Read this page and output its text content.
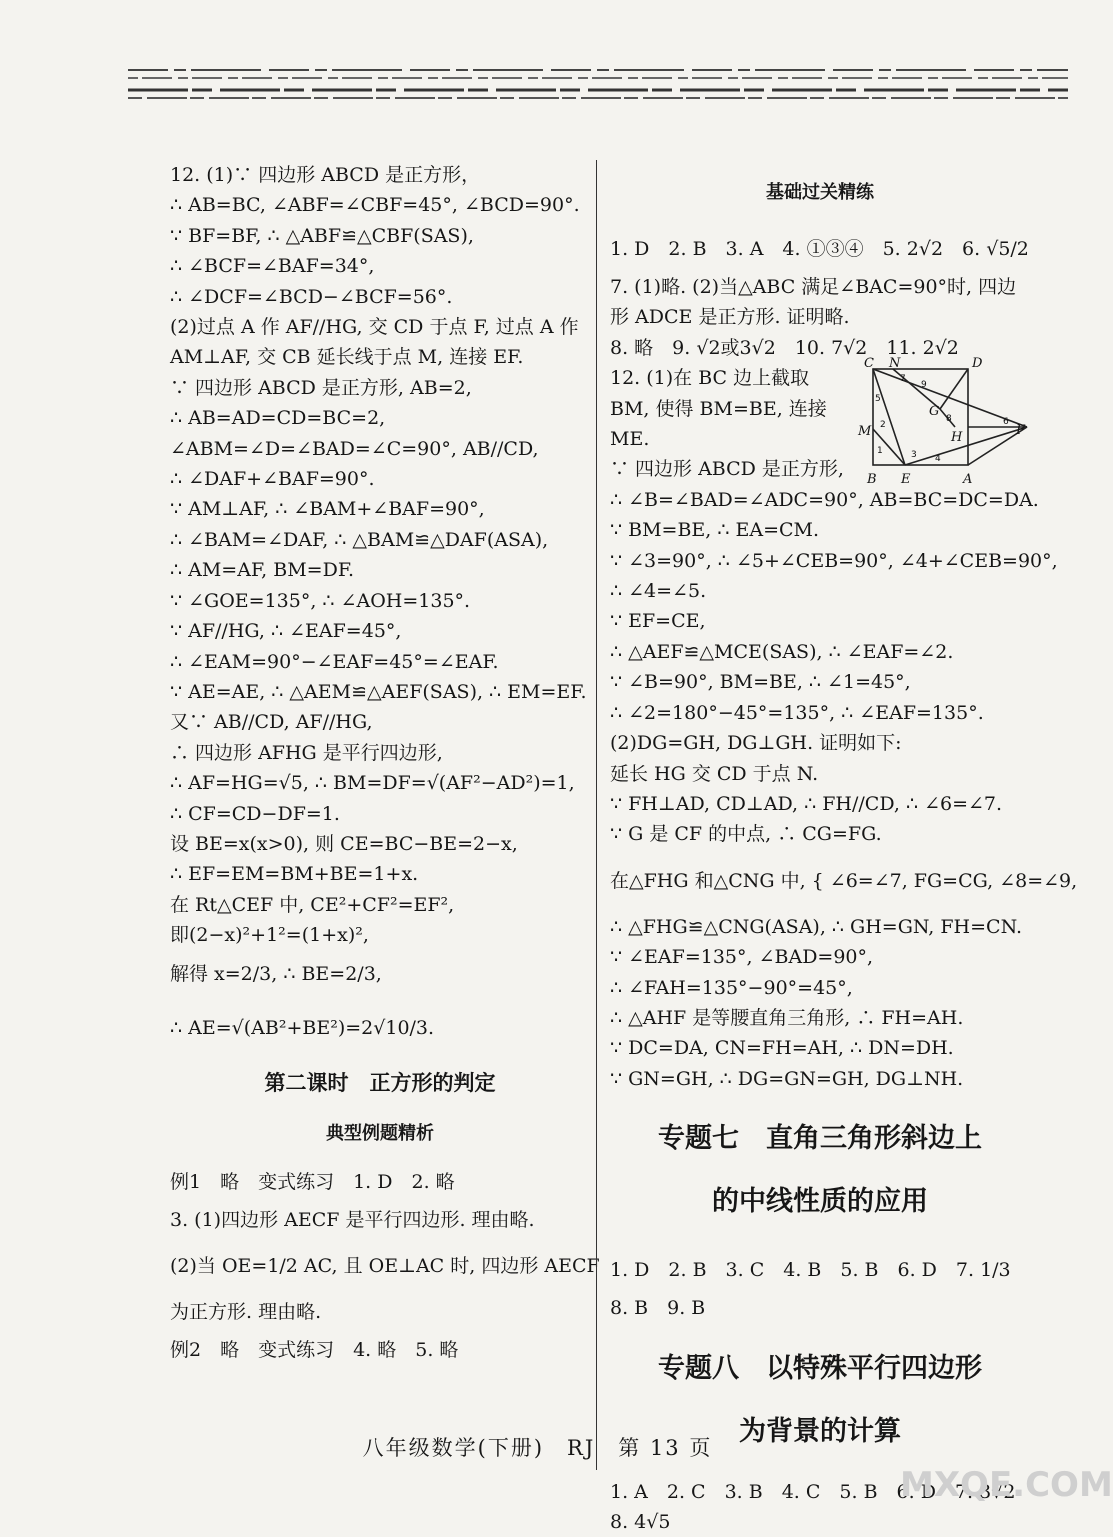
12. (1)∵ 四边形 ABCD 是正方形，

∴ AB=BC, ∠ABF=∠CBF=45°, ∠BCD=90°.

∵ BF=BF, ∴ △ABF≌△CBF(SAS),

∴ ∠BCF=∠BAF=34°,

∴ ∠DCF=∠BCD−∠BCF=56°.

(2)过点 A 作 AF//HG, 交 CD 于点 F, 过点 A 作

AM⊥AF, 交 CB 延长线于点 M, 连接 EF.

∵ 四边形 ABCD 是正方形, AB=2,

∴ AB=AD=CD=BC=2,

∠ABM=∠D=∠BAD=∠C=90°, AB//CD,

∴ ∠DAF+∠BAF=90°.

∵ AM⊥AF, ∴ ∠BAM+∠BAF=90°,

∴ ∠BAM=∠DAF, ∴ △BAM≌△DAF(ASA),

∴ AM=AF, BM=DF.

∵ ∠GOE=135°, ∴ ∠AOH=135°.

∵ AF//HG, ∴ ∠EAF=45°,

∴ ∠EAM=90°−∠EAF=45°=∠EAF.

∵ AE=AE, ∴ △AEM≌△AEF(SAS), ∴ EM=EF.

又∵ AB//CD, AF//HG,

∴ 四边形 AFHG 是平行四边形,

∴ AF=HG=√5, ∴ BM=DF=√(AF²−AD²)=1,

∴ CF=CD−DF=1.

设 BE=x(x>0), 则 CE=BC−BE=2−x,

∴ EF=EM=BM+BE=1+x.

在 Rt△CEF 中, CE²+CF²=EF²,

即(2−x)²+1²=(1+x)²,

解得 x=2/3, ∴ BE=2/3,

∴ AE=√(AB²+BE²)=2√10/3.

第二课时　正方形的判定

典型例题精析

例1　略　变式练习　1. D　2. 略

3. (1)四边形 AECF 是平行四边形. 理由略.

(2)当 OE=1/2 AC, 且 OE⊥AC 时, 四边形 AECF

为正方形. 理由略.

例2　略　变式练习　4. 略　5. 略

基础过关精练

1. D　2. B　3. A　4. ①③④　5. 2√2　6. √5/2

7. (1)略. (2)当△ABC 满足∠BAC=90°时, 四边

形 ADCE 是正方形. 证明略.

8. 略　9. √2或3√2　10. 7√2　11. 2√2

12. (1)在 BC 边上截取

BM, 使得 BM=BE, 连接

ME.

∵ 四边形 ABCD 是正方形,

∴ ∠B=∠BAD=∠ADC=90°, AB=BC=DC=DA.

∵ BM=BE, ∴ EA=CM.

∵ ∠3=90°, ∴ ∠5+∠CEB=90°, ∠4+∠CEB=90°,

∴ ∠4=∠5.

∵ EF=CE,

∴ △AEF≌△MCE(SAS), ∴ ∠EAF=∠2.

∵ ∠B=90°, BM=BE, ∴ ∠1=45°,

∴ ∠2=180°−45°=135°, ∴ ∠EAF=135°.

(2)DG=GH, DG⊥GH. 证明如下:

延长 HG 交 CD 于点 N.

∵ FH⊥AD, CD⊥AD, ∴ FH//CD, ∴ ∠6=∠7.

∵ G 是 CF 的中点, ∴ CG=FG.

在△FHG 和△CNG 中, { ∠6=∠7, FG=CG, ∠8=∠9,

∴ △FHG≌△CNG(ASA), ∴ GH=GN, FH=CN.

∵ ∠EAF=135°, ∠BAD=90°,

∴ ∠FAH=135°−90°=45°,

∴ △AHF 是等腰直角三角形, ∴ FH=AH.

∵ DC=DA, CN=FH=AH, ∴ DN=DH.

∵ GN=GH, ∴ DG=GN=GH, DG⊥NH.

专题七　直角三角形斜边上

的中线性质的应用

1. D　2. B　3. C　4. B　5. B　6. D　7. 1/3

8. B　9. B

专题八　以特殊平行四边形

为背景的计算

1. A　2. C　3. B　4. C　5. B　6. D　7. 3√2

8. 4√5

C N	D
G
H	F
M
B E	A
1
2
3 4
5
6
7
8
9
八年级数学(下册)　RJ　第 13 页
MXQE.COM
